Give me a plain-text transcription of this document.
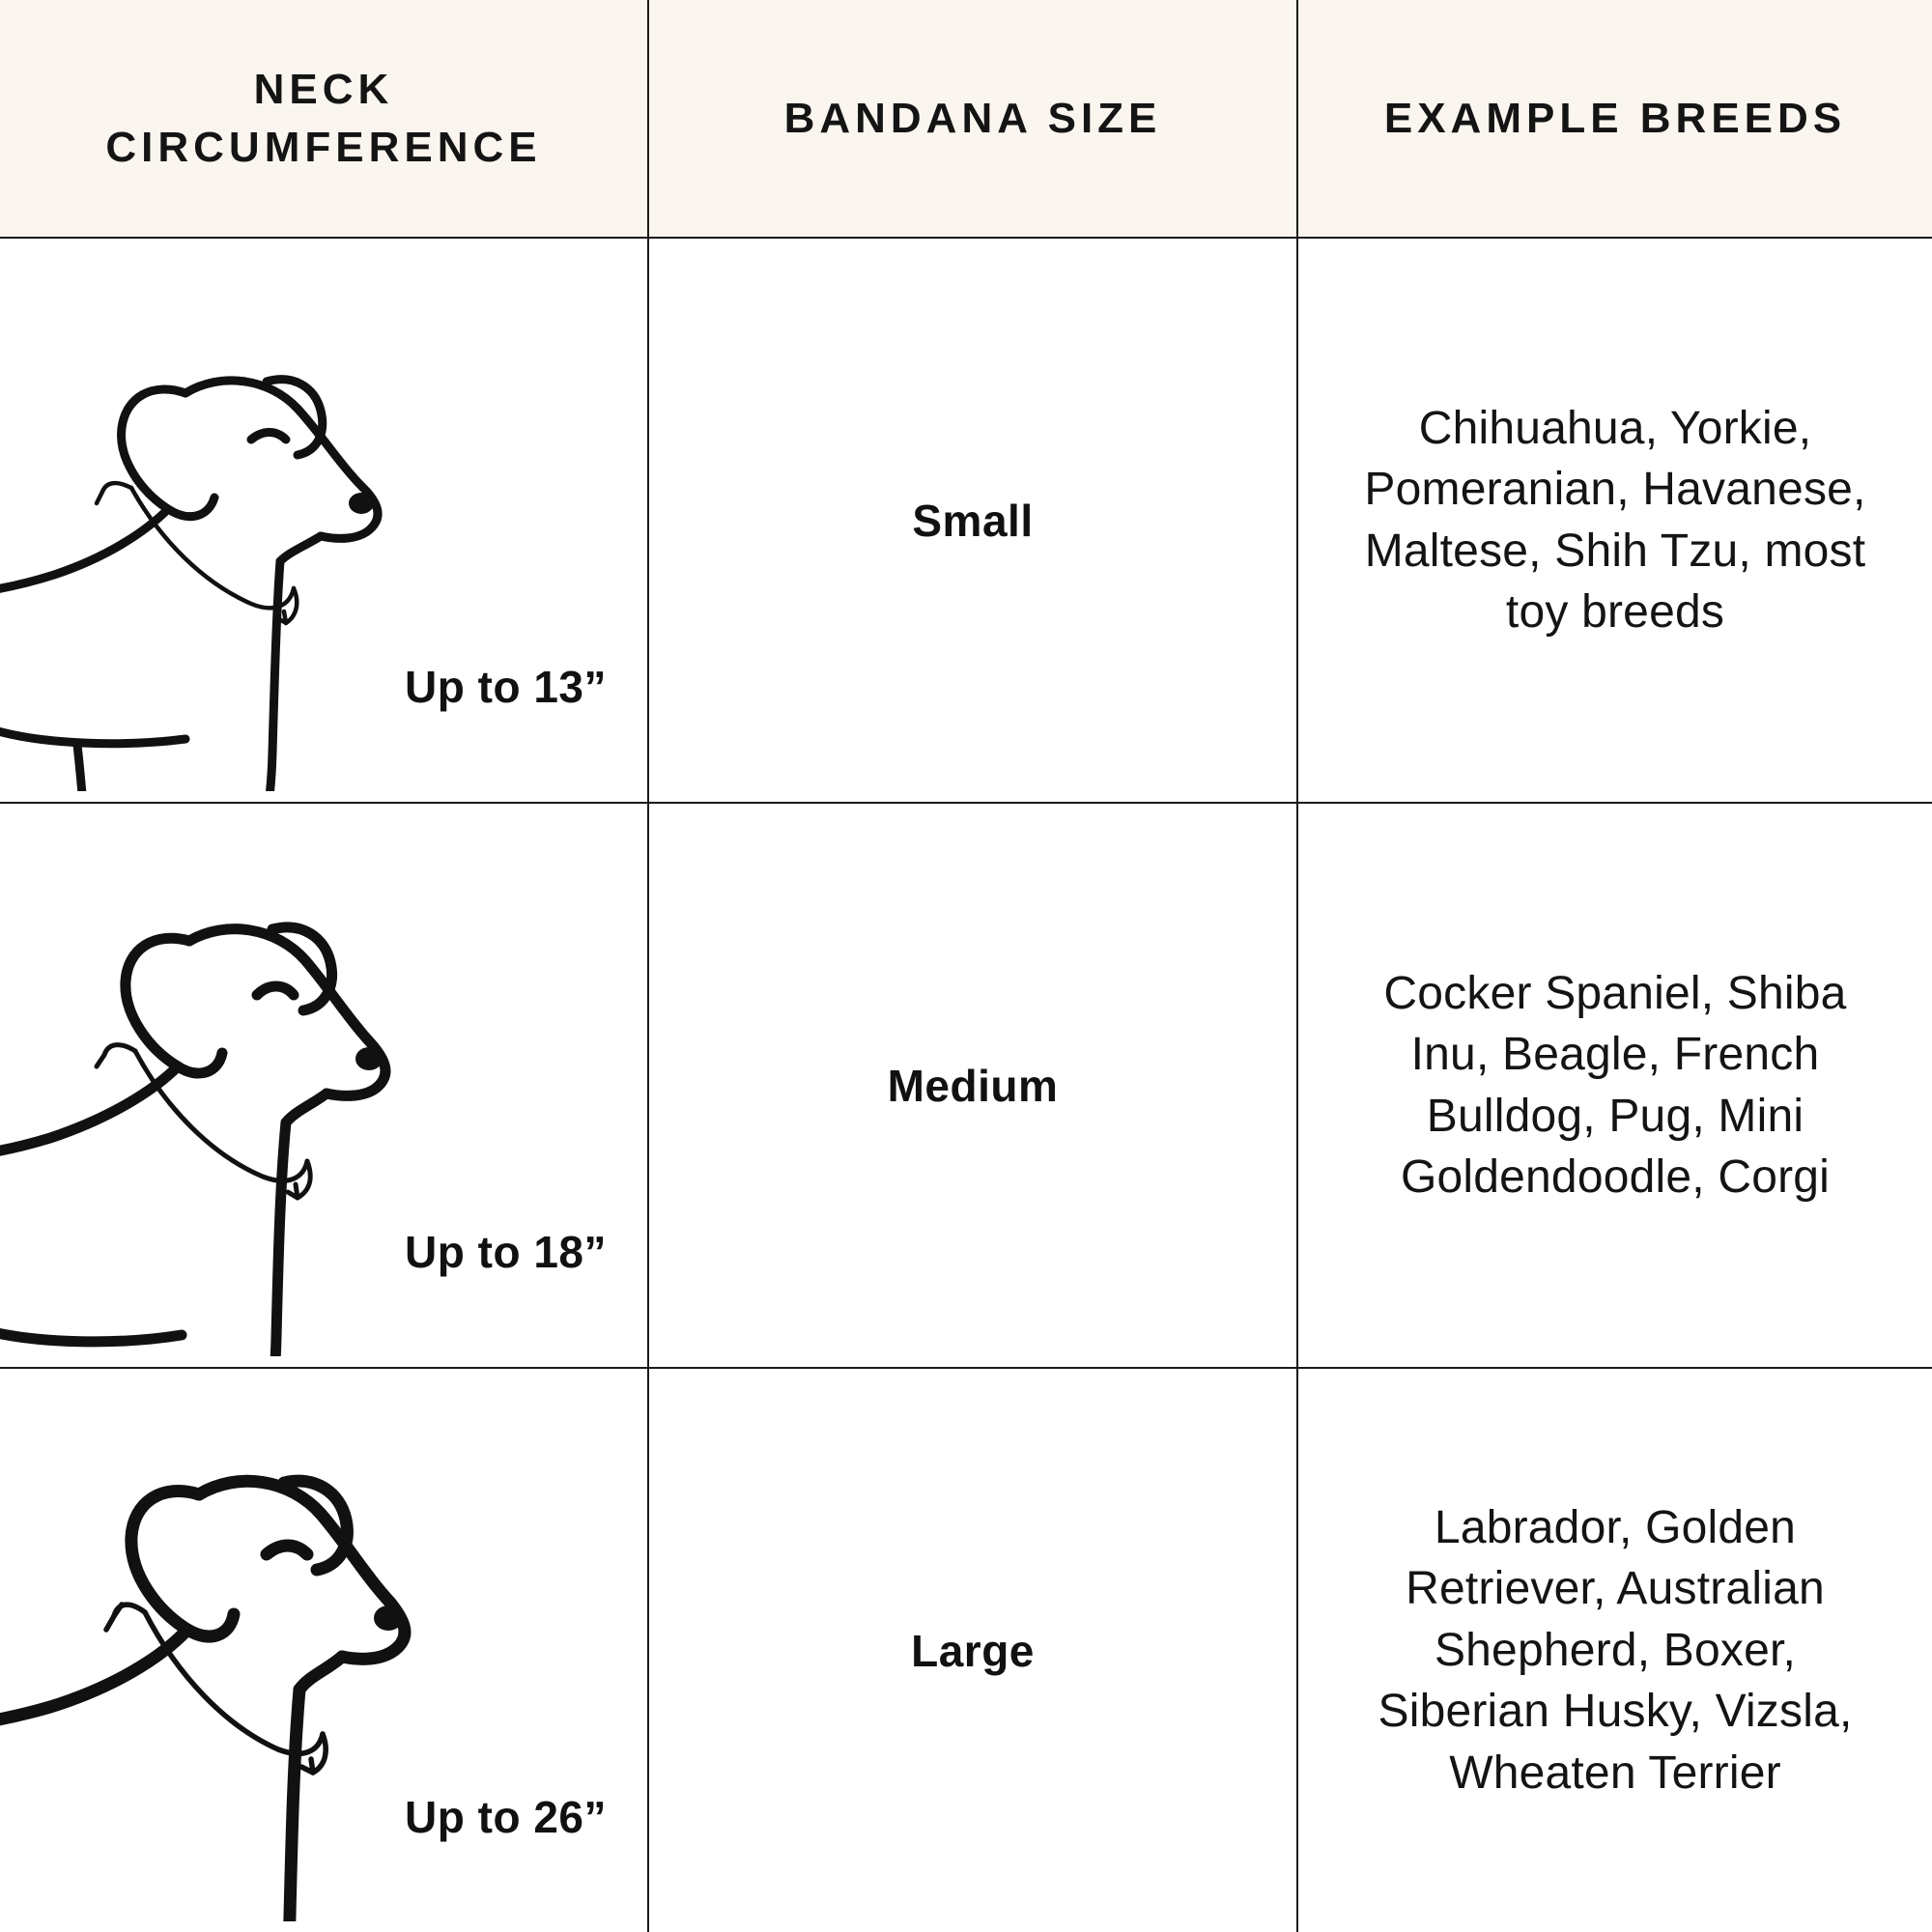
NECK
CIRCUMFERENCE
BANDANA SIZE	EXAMPLE BREEDS
Up to 13”
Small
Chihuahua, Yorkie, Pomeranian, Havanese, Maltese, Shih Tzu, most toy breeds
Up to 18”
Medium
Cocker Spaniel, Shiba Inu, Beagle, French Bulldog, Pug, Mini Goldendoodle, Corgi
Up to 26”
Large
Labrador, Golden Retriever, Australian Shepherd, Boxer, Siberian Husky, Vizsla, Wheaten Terrier
